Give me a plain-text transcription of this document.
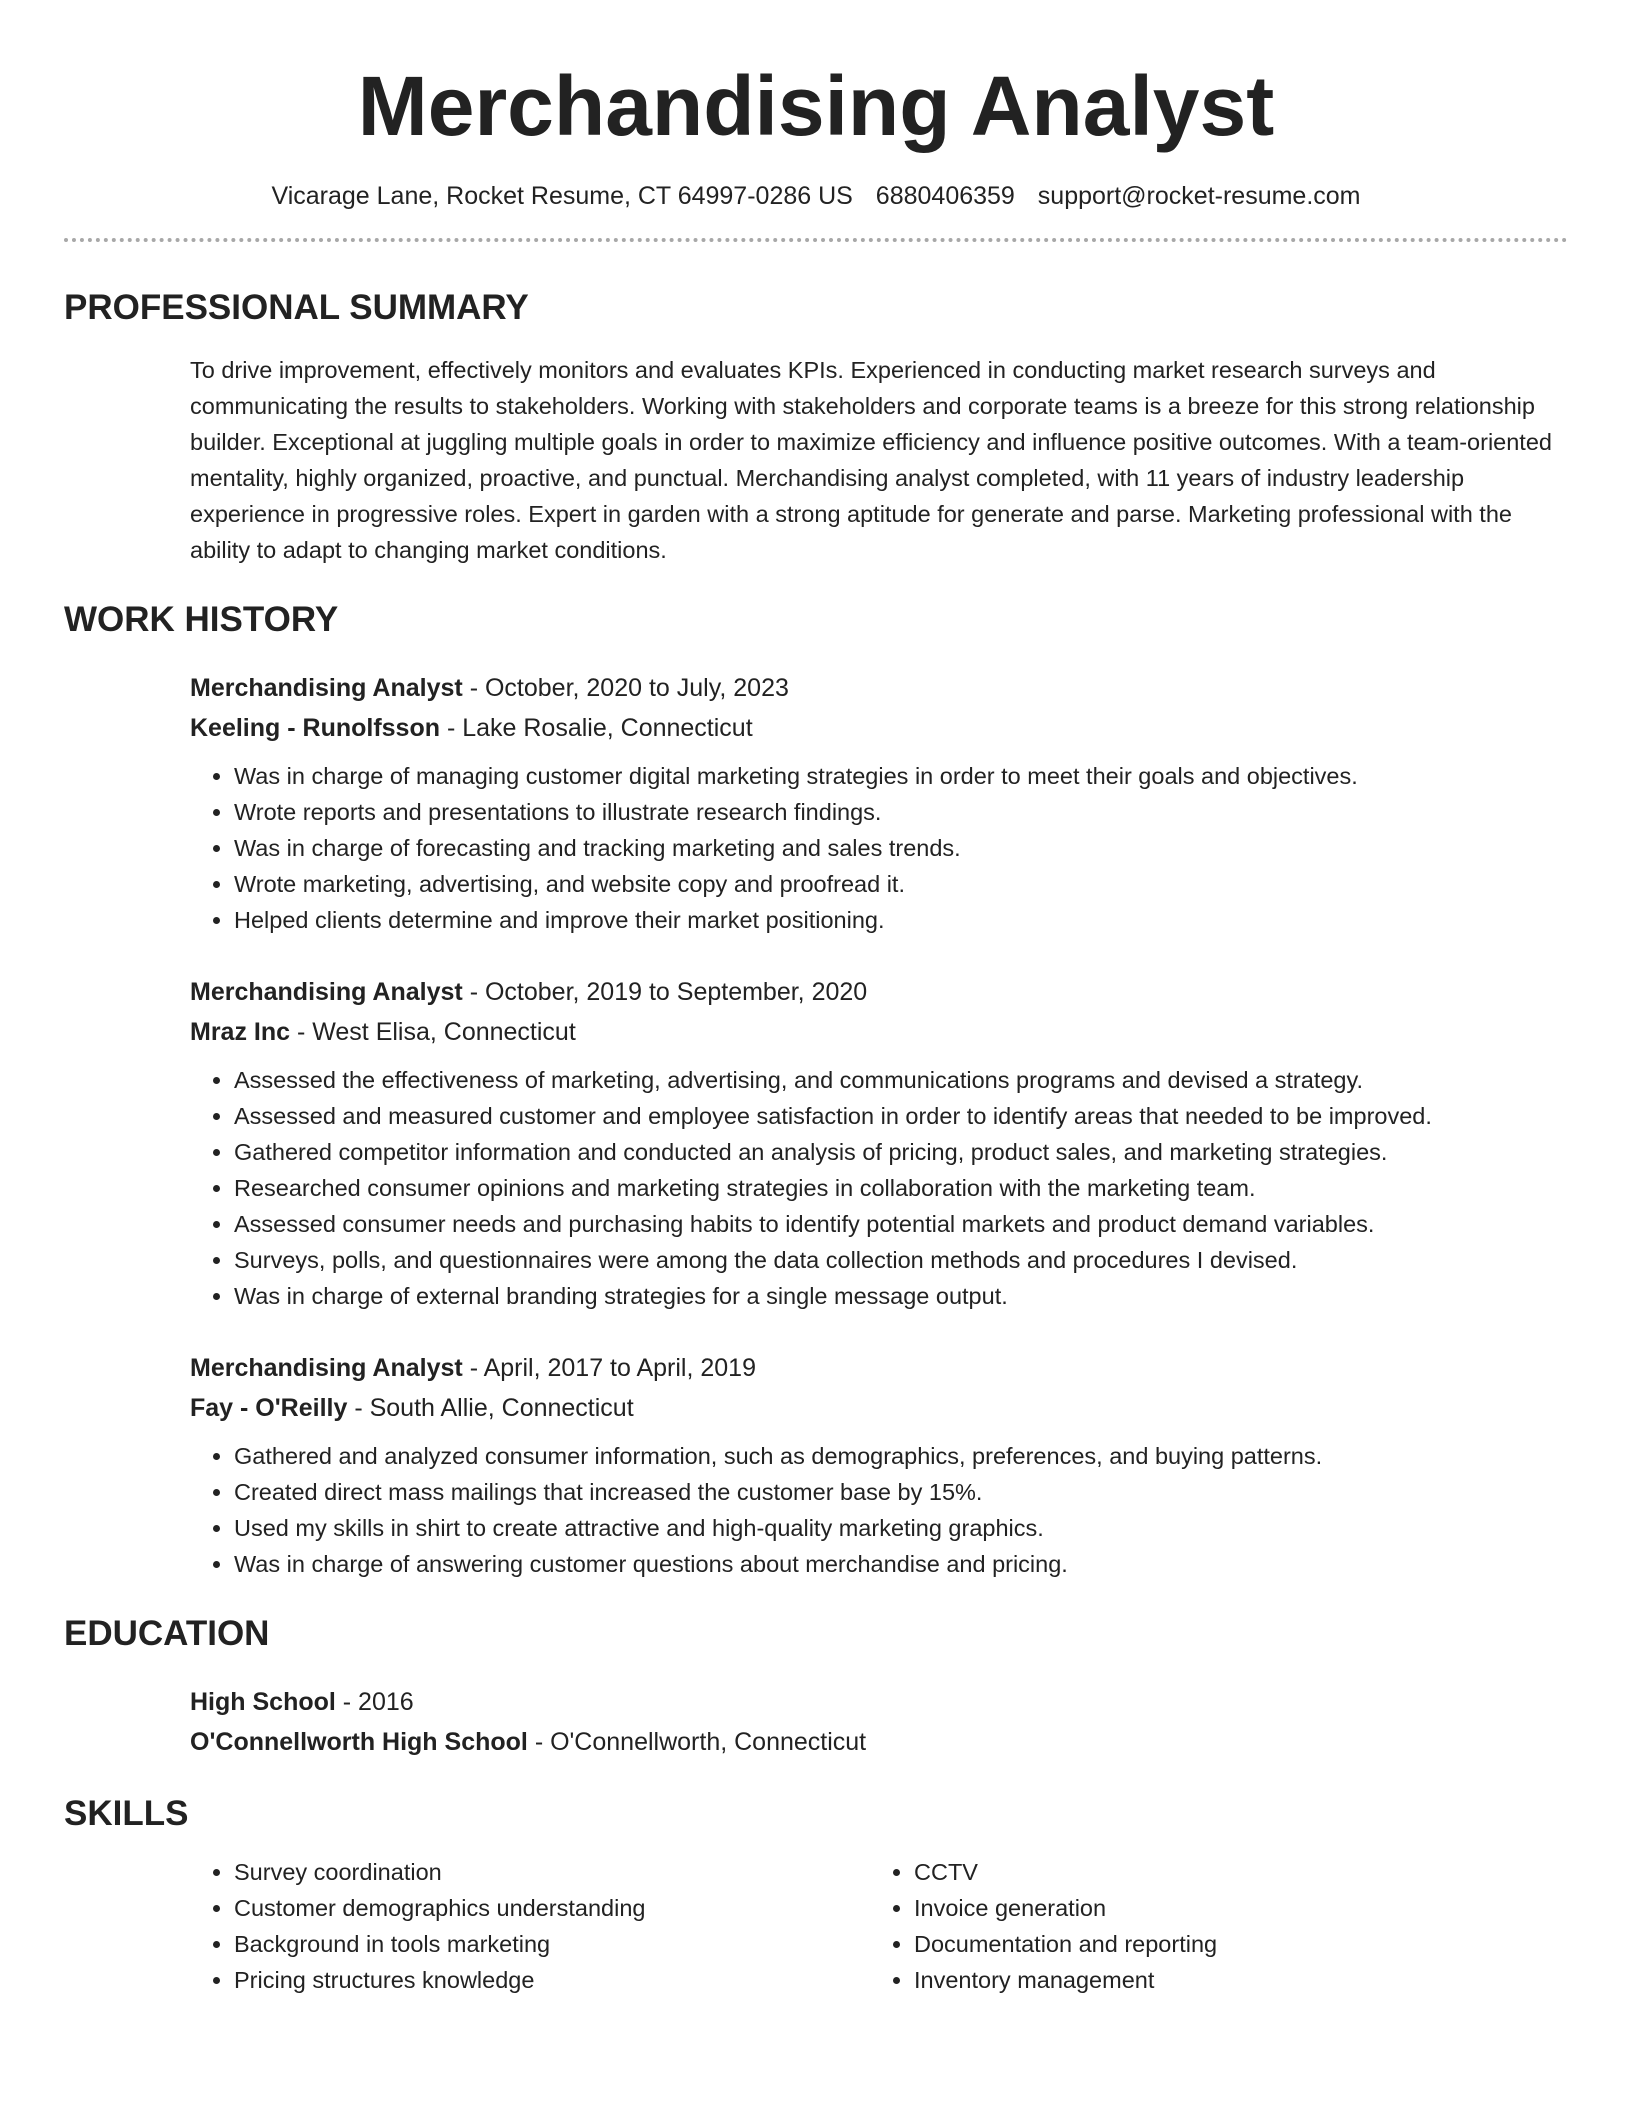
Merchandising Analyst
Vicarage Lane, Rocket Resume, CT 64997-0286 US 6880406359 support@rocket-resume.com
PROFESSIONAL SUMMARY

To drive improvement, effectively monitors and evaluates KPIs. Experienced in conducting market research surveys and communicating the results to stakeholders. Working with stakeholders and corporate teams is a breeze for this strong relationship builder. Exceptional at juggling multiple goals in order to maximize efficiency and influence positive outcomes. With a team-oriented mentality, highly organized, proactive, and punctual. Merchandising analyst completed, with 11 years of industry leadership experience in progressive roles. Expert in garden with a strong aptitude for generate and parse. Marketing professional with the ability to adapt to changing market conditions.

WORK HISTORY
Merchandising Analyst - October, 2020 to July, 2023
Keeling - Runolfsson - Lake Rosalie, Connecticut
• Was in charge of managing customer digital marketing strategies in order to meet their goals and objectives.
• Wrote reports and presentations to illustrate research findings.
• Was in charge of forecasting and tracking marketing and sales trends.
• Wrote marketing, advertising, and website copy and proofread it.
• Helped clients determine and improve their market positioning.
Merchandising Analyst - October, 2019 to September, 2020
Mraz Inc - West Elisa, Connecticut
• Assessed the effectiveness of marketing, advertising, and communications programs and devised a strategy.
• Assessed and measured customer and employee satisfaction in order to identify areas that needed to be improved.
• Gathered competitor information and conducted an analysis of pricing, product sales, and marketing strategies.
• Researched consumer opinions and marketing strategies in collaboration with the marketing team.
• Assessed consumer needs and purchasing habits to identify potential markets and product demand variables.
• Surveys, polls, and questionnaires were among the data collection methods and procedures I devised.
• Was in charge of external branding strategies for a single message output.
Merchandising Analyst - April, 2017 to April, 2019
Fay - O'Reilly - South Allie, Connecticut
• Gathered and analyzed consumer information, such as demographics, preferences, and buying patterns.
• Created direct mass mailings that increased the customer base by 15%.
• Used my skills in shirt to create attractive and high-quality marketing graphics.
• Was in charge of answering customer questions about merchandise and pricing.
EDUCATION
High School - 2016
O'Connellworth High School - O'Connellworth, Connecticut
SKILLS
• Survey coordination
• Customer demographics understanding
• Background in tools marketing
• Pricing structures knowledge
• CCTV
• Invoice generation
• Documentation and reporting
• Inventory management
